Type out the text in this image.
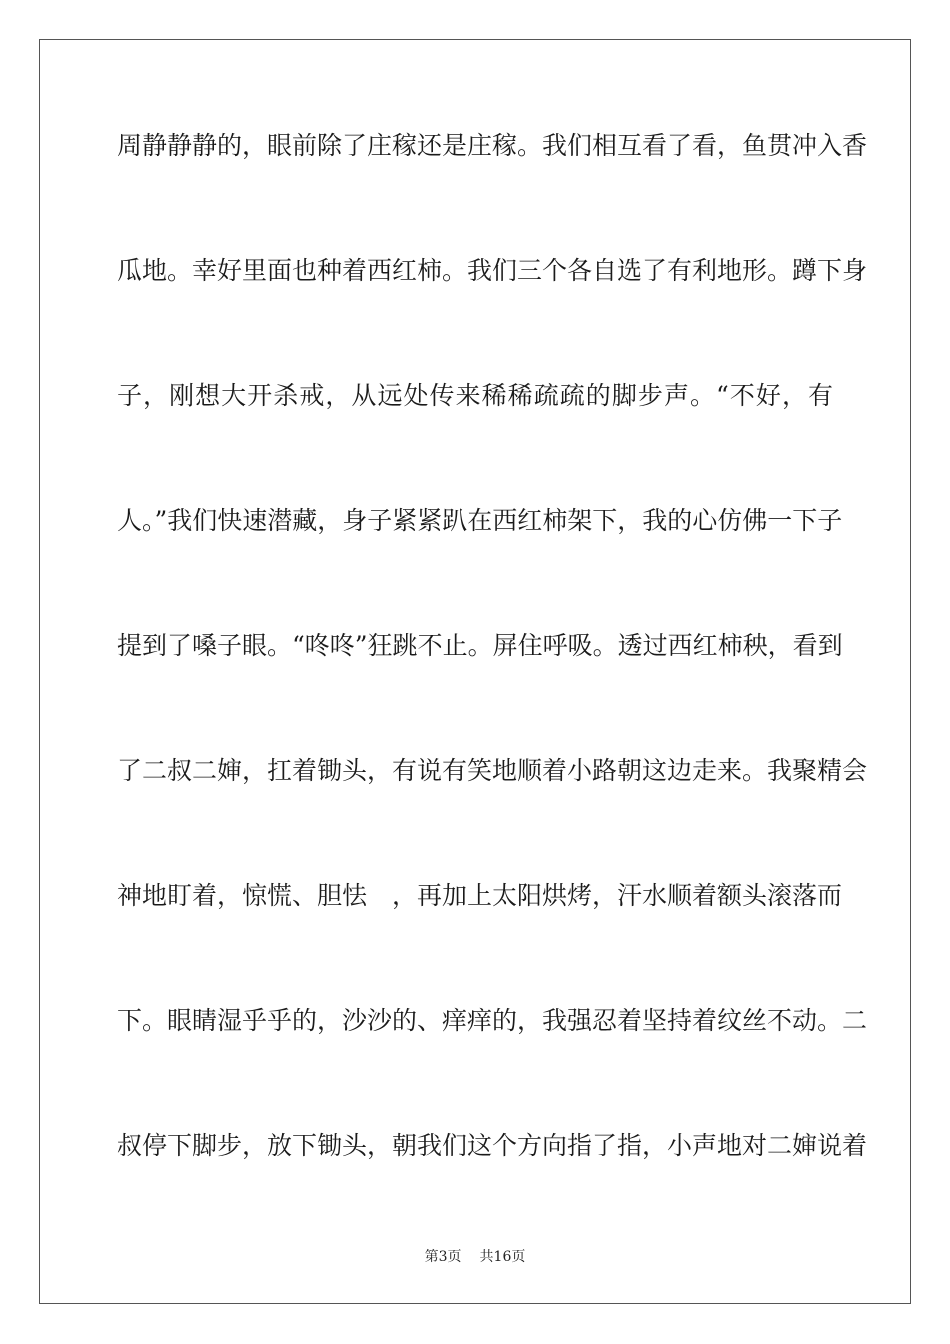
周静静静的，眼前除了庄稼还是庄稼。我们相互看了看，鱼贯冲入香
瓜地。幸好里面也种着西红柿。我们三个各自选了有利地形。蹲下身
子，刚想大开杀戒，从远处传来稀稀疏疏的脚步声。“不好，有
人。”我们快速潜藏，身子紧紧趴在西红柿架下，我的心仿佛一下子
提到了嗓子眼。“咚咚”狂跳不止。屏住呼吸。透过西红柿秧，看到
了二叔二婶，扛着锄头，有说有笑地顺着小路朝这边走来。我聚精会
神地盯着，惊慌、胆怯　，再加上太阳烘烤，汗水顺着额头滚落而
下。眼睛湿乎乎的，沙沙的、痒痒的，我强忍着坚持着纹丝不动。二
叔停下脚步，放下锄头，朝我们这个方向指了指，小声地对二婶说着
第3页 共16页
